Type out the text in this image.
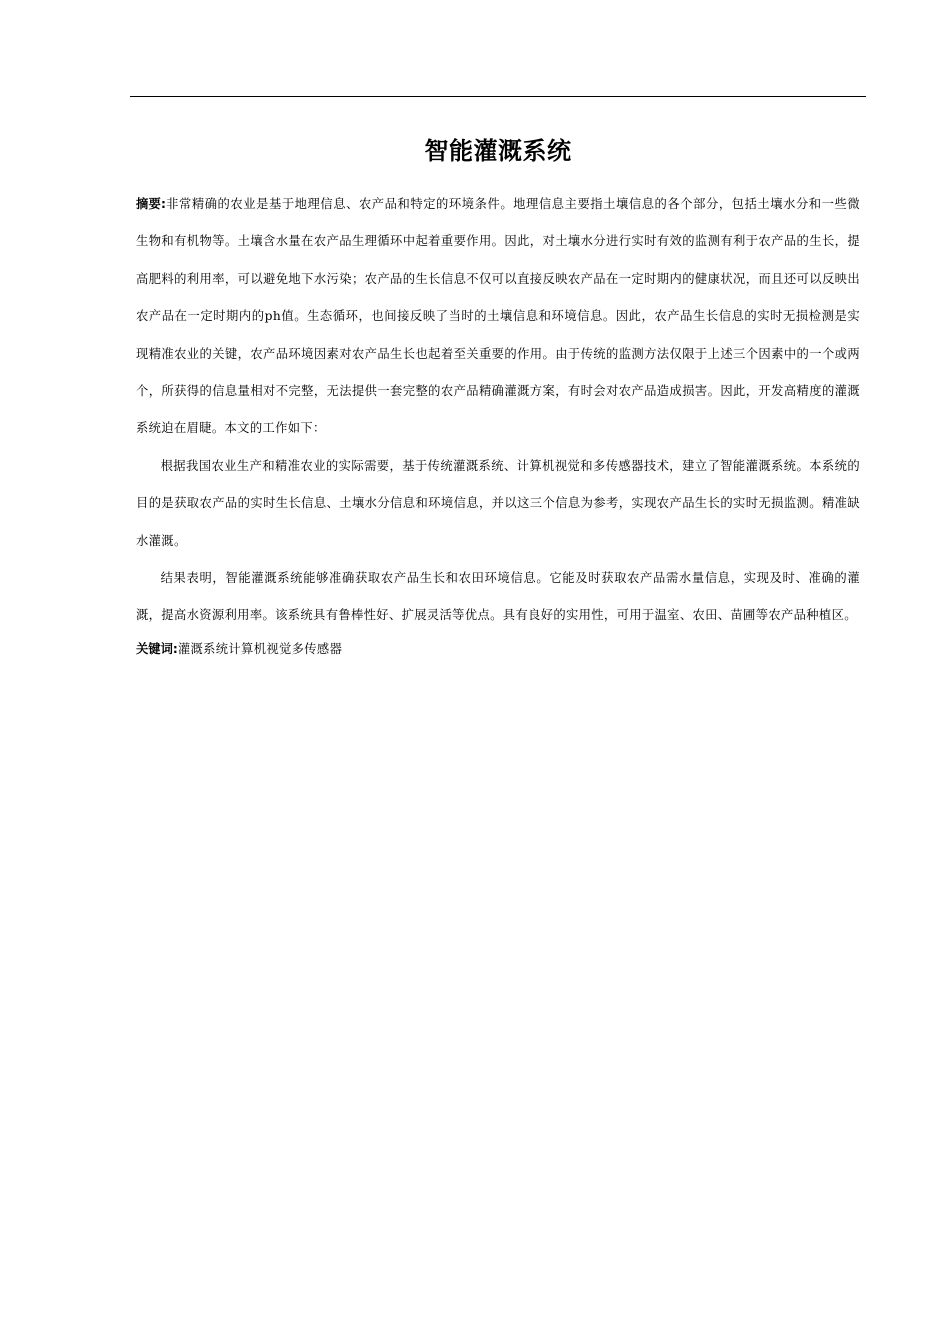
智能灌溉系统

摘要:非常精确的农业是基于地理信息、农产品和特定的环境条件。地理信息主要指土壤信息的各个部分，包括土壤水分和一些微生物和有机物等。土壤含水量在农产品生理循环中起着重要作用。因此，对土壤水分进行实时有效的监测有利于农产品的生长，提高肥料的利用率，可以避免地下水污染；农产品的生长信息不仅可以直接反映农产品在一定时期内的健康状况，而且还可以反映出农产品在一定时期内的ph值。生态循环，也间接反映了当时的土壤信息和环境信息。因此，农产品生长信息的实时无损检测是实现精准农业的关键，农产品环境因素对农产品生长也起着至关重要的作用。由于传统的监测方法仅限于上述三个因素中的一个或两个，所获得的信息量相对不完整，无法提供一套完整的农产品精确灌溉方案，有时会对农产品造成损害。因此，开发高精度的灌溉系统迫在眉睫。本文的工作如下：

根据我国农业生产和精准农业的实际需要，基于传统灌溉系统、计算机视觉和多传感器技术，建立了智能灌溉系统。本系统的目的是获取农产品的实时生长信息、土壤水分信息和环境信息，并以这三个信息为参考，实现农产品生长的实时无损监测。精准缺水灌溉。

结果表明，智能灌溉系统能够准确获取农产品生长和农田环境信息。它能及时获取农产品需水量信息，实现及时、准确的灌溉，提高水资源利用率。该系统具有鲁棒性好、扩展灵活等优点。具有良好的实用性，可用于温室、农田、苗圃等农产品种植区。

关键词:灌溉系统计算机视觉多传感器
